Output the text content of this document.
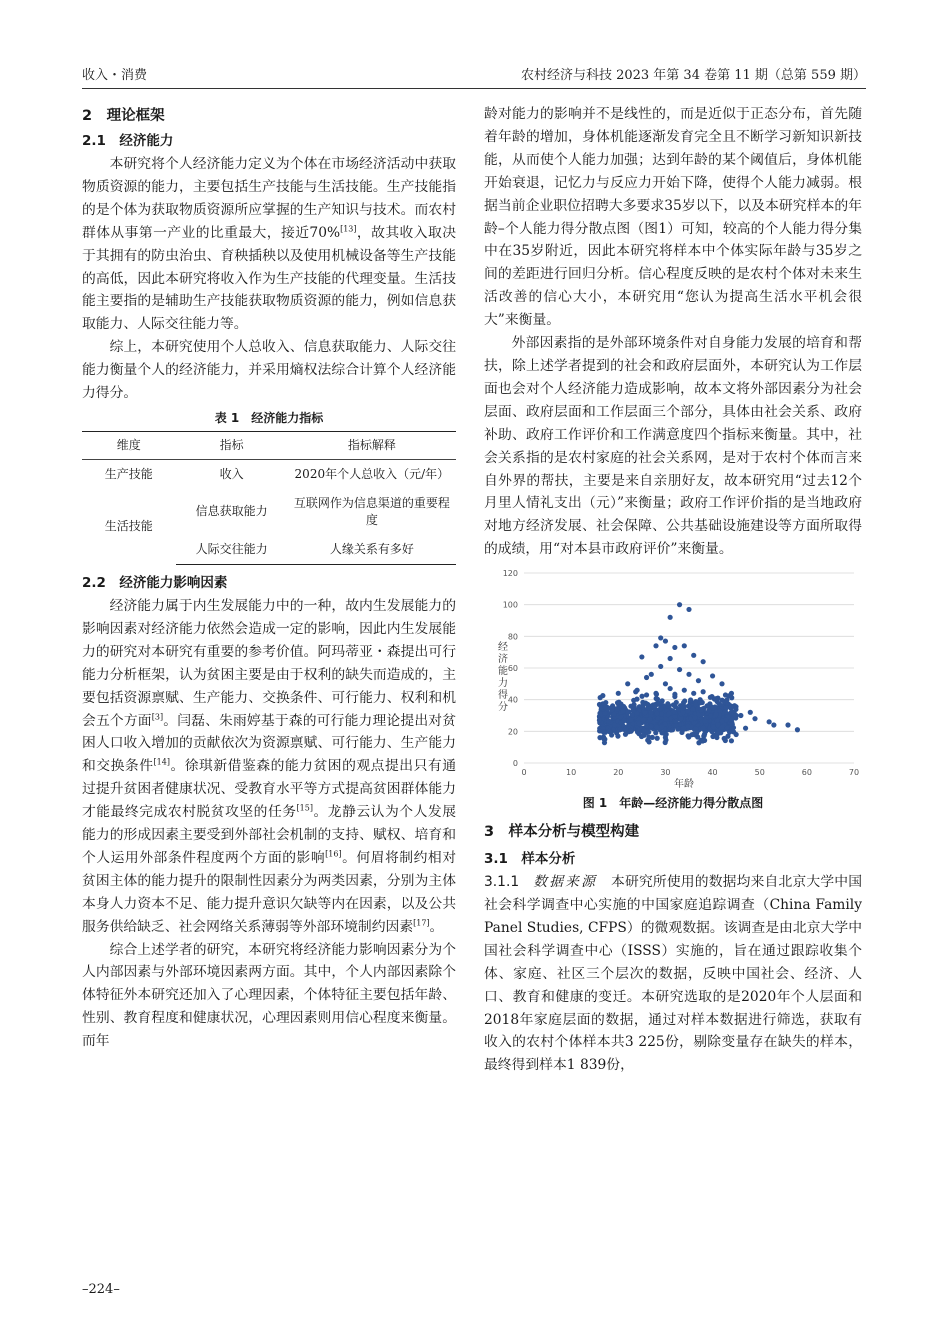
收入・消费	农村经济与科技 2023 年第 34 卷第 11 期（总第 559 期）
2　理论框架
2.1　经济能力

本研究将个人经济能力定义为个体在市场经济活动中获取物质资源的能力，主要包括生产技能与生活技能。生产技能指的是个体为获取物质资源所应掌握的生产知识与技术。而农村群体从事第一产业的比重最大，接近70%[13]，故其收入取决于其拥有的防虫治虫、育秧插秧以及使用机械设备等生产技能的高低，因此本研究将收入作为生产技能的代理变量。生活技能主要指的是辅助生产技能获取物质资源的能力，例如信息获取能力、人际交往能力等。

综上，本研究使用个人总收入、信息获取能力、人际交往能力衡量个人的经济能力，并采用熵权法综合计算个人经济能力得分。

表 1　经济能力指标
维度	指标	指标解释
生产技能	收入	2020年个人总收入（元/年）
生活技能	信息获取能力	互联网作为信息渠道的重要程度
	人际交往能力	人缘关系有多好
2.2　经济能力影响因素

经济能力属于内生发展能力中的一种，故内生发展能力的影响因素对经济能力依然会造成一定的影响，因此内生发展能力的研究对本研究有重要的参考价值。阿玛蒂亚・森提出可行能力分析框架，认为贫困主要是由于权利的缺失而造成的，主要包括资源禀赋、生产能力、交换条件、可行能力、权利和机会五个方面[3]。闫磊、朱雨婷基于森的可行能力理论提出对贫困人口收入增加的贡献依次为资源禀赋、可行能力、生产能力和交换条件[14]。徐琪新借鉴森的能力贫困的观点提出只有通过提升贫困者健康状况、受教育水平等方式提高贫困群体能力才能最终完成农村脱贫攻坚的任务[15]。龙静云认为个人发展能力的形成因素主要受到外部社会机制的支持、赋权、培育和个人运用外部条件程度两个方面的影响[16]。何眉将制约相对贫困主体的能力提升的限制性因素分为两类因素，分别为主体本身人力资本不足、能力提升意识欠缺等内在因素，以及公共服务供给缺乏、社会网络关系薄弱等外部环境制约因素[17]。

综合上述学者的研究，本研究将经济能力影响因素分为个人内部因素与外部环境因素两方面。其中，个人内部因素除个体特征外本研究还加入了心理因素，个体特征主要包括年龄、性别、教育程度和健康状况，心理因素则用信心程度来衡量。而年

龄对能力的影响并不是线性的，而是近似于正态分布，首先随着年龄的增加，身体机能逐渐发育完全且不断学习新知识新技能，从而使个人能力加强；达到年龄的某个阈值后，身体机能开始衰退，记忆力与反应力开始下降，使得个人能力减弱。根据当前企业职位招聘大多要求35岁以下，以及本研究样本的年龄–个人能力得分散点图（图1）可知，较高的个人能力得分集中在35岁附近，因此本研究将样本中个体实际年龄与35岁之间的差距进行回归分析。信心程度反映的是农村个体对未来生活改善的信心大小，本研究用“您认为提高生活水平机会很大”来衡量。

外部因素指的是外部环境条件对自身能力发展的培育和帮扶，除上述学者提到的社会和政府层面外，本研究认为工作层面也会对个人经济能力造成影响，故本文将外部因素分为社会层面、政府层面和工作层面三个部分，具体由社会关系、政府补助、政府工作评价和工作满意度四个指标来衡量。其中，社会关系指的是农村家庭的社会关系网，是对于农村个体而言来自外界的帮扶，主要是来自亲朋好友，故本研究用“过去12个月里人情礼支出（元）”来衡量；政府工作评价指的是当地政府对地方经济发展、社会保障、公共基础设施建设等方面所取得的成绩，用“对本县市政府评价”来衡量。

0
20
40
60
80
100
120
0	10	20	30	40	50	60	70
经济能力得分
年龄
图 1　年龄—经济能力得分散点图
3　样本分析与模型构建
3.1　样本分析

3.1.1　 数据来源　 本研究所使用的数据均来自北京大学中国社会科学调查中心实施的中国家庭追踪调查（China Family Panel Studies, CFPS）的微观数据。该调查是由北京大学中国社会科学调查中心（ISSS）实施的，旨在通过跟踪收集个体、家庭、社区三个层次的数据，反映中国社会、经济、人口、教育和健康的变迁。本研究选取的是2020年个人层面和2018年家庭层面的数据，通过对样本数据进行筛选，获取有收入的农村个体样本共3 225份，剔除变量存在缺失的样本，最终得到样本1 839份，

–224–
